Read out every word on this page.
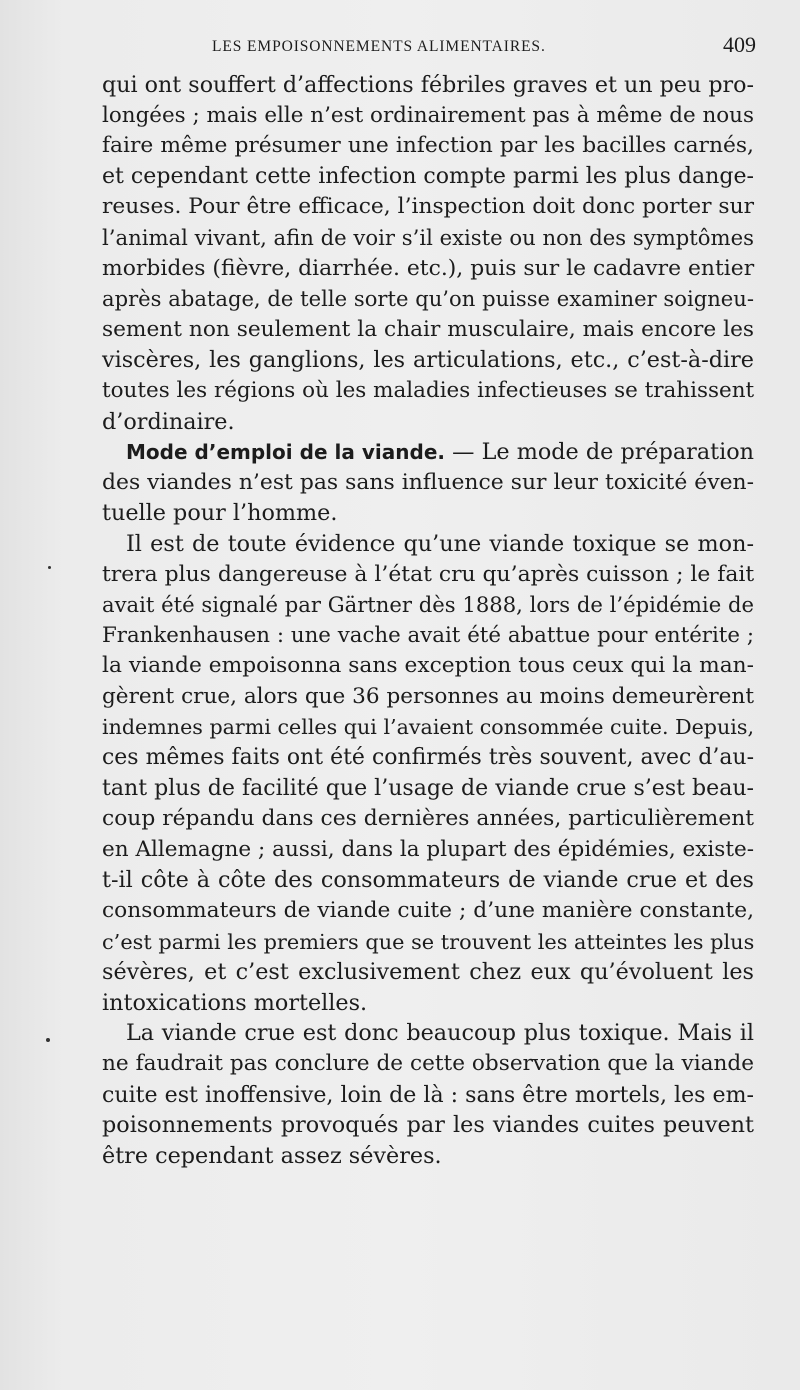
LES EMPOISONNEMENTS ALIMENTAIRES.	409
qui ont souffert d’affections fébriles graves et un peu pro-
longées ; mais elle n’est ordinairement pas à même de nous
faire même présumer une infection par les bacilles carnés,
et cependant cette infection compte parmi les plus dange-
reuses. Pour être efficace, l’inspection doit donc porter sur
l’animal vivant, afin de voir s’il existe ou non des symptômes
morbides (fièvre, diarrhée. etc.), puis sur le cadavre entier
après abatage, de telle sorte qu’on puisse examiner soigneu-
sement non seulement la chair musculaire, mais encore les
viscères, les ganglions, les articulations, etc., c’est-à-dire
toutes les régions où les maladies infectieuses se trahissent
d’ordinaire.
Mode d’emploi de la viande. — Le mode de préparation
des viandes n’est pas sans influence sur leur toxicité éven-
tuelle pour l’homme.
Il est de toute évidence qu’une viande toxique se mon-
trera plus dangereuse à l’état cru qu’après cuisson ; le fait
avait été signalé par Gärtner dès 1888, lors de l’épidémie de
Frankenhausen : une vache avait été abattue pour entérite ;
la viande empoisonna sans exception tous ceux qui la man-
gèrent crue, alors que 36 personnes au moins demeurèrent
indemnes parmi celles qui l’avaient consommée cuite. Depuis,
ces mêmes faits ont été confirmés très souvent, avec d’au-
tant plus de facilité que l’usage de viande crue s’est beau-
coup répandu dans ces dernières années, particulièrement
en Allemagne ; aussi, dans la plupart des épidémies, existe-
t-il côte à côte des consommateurs de viande crue et des
consommateurs de viande cuite ; d’une manière constante,
c’est parmi les premiers que se trouvent les atteintes les plus
sévères, et c’est exclusivement chez eux qu’évoluent les
intoxications mortelles.
La viande crue est donc beaucoup plus toxique. Mais il
ne faudrait pas conclure de cette observation que la viande
cuite est inoffensive, loin de là : sans être mortels, les em-
poisonnements provoqués par les viandes cuites peuvent
être cependant assez sévères.
